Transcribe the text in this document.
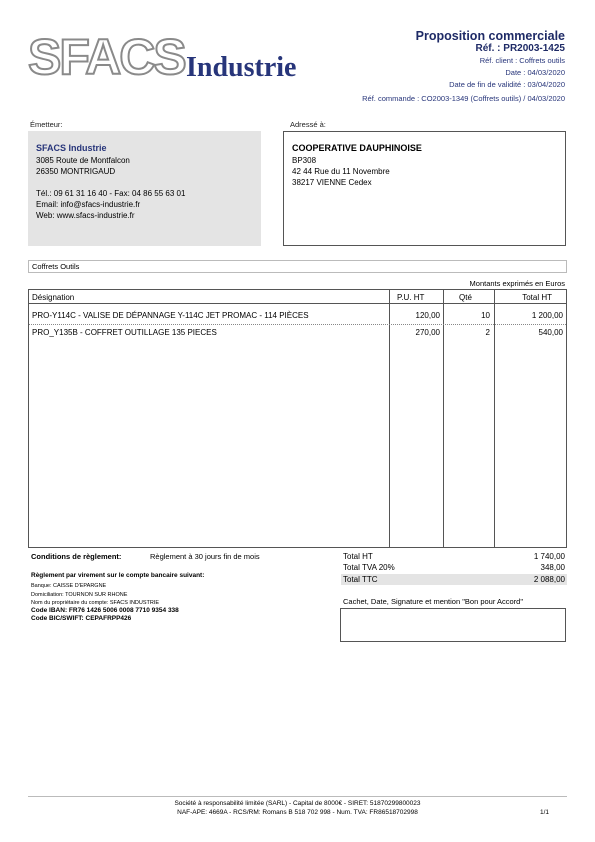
SFACS Industrie
Proposition commerciale
Réf. : PR2003-1425
Réf. client : Coffrets outils
Date : 04/03/2020
Date de fin de validité : 03/04/2020
Réf. commande : CO2003-1349 (Coffrets outils) / 04/03/2020
Émetteur:
SFACS Industrie
3085 Route de Montfalcon
26350 MONTRIGAUD
Tél.: 09 61 31 16 40 - Fax: 04 86 55 63 01
Email: info@sfacs-industrie.fr
Web: www.sfacs-industrie.fr
Adressé à:
COOPERATIVE DAUPHINOISE
BP308
42 44 Rue du 11 Novembre
38217 VIENNE Cedex
Coffrets Outils
Montants exprimés en Euros
Désignation	P.U. HT	Qté	Total HT
PRO-Y114C - VALISE DE DÉPANNAGE Y-114C JET PROMAC - 114 PIÈCES	120,00	10	1 200,00
PRO_Y135B - COFFRET OUTILLAGE 135 PIECES	270,00	2	540,00
Conditions de règlement:	Règlement à 30 jours fin de mois
Règlement par virement sur le compte bancaire suivant:
Banque: CAISSE D'EPARGNE
Domiciliation: TOURNON SUR RHONE
Nom du propriétaire du compte: SFACS INDUSTRIE
Code IBAN: FR76 1426 5006 0008 7710 9354 338
Code BIC/SWIFT: CEPAFRPP426
Total HT	1 740,00
Total TVA 20%	348,00
Total TTC	2 088,00
Cachet, Date, Signature et mention "Bon pour Accord"
Société à responsabilité limitée (SARL) - Capital de 8000€ - SIRET: 51870299800023
NAF-APE: 4669A - RCS/RM: Romans B 518 702 998 - Num. TVA: FR86518702998	1/1
